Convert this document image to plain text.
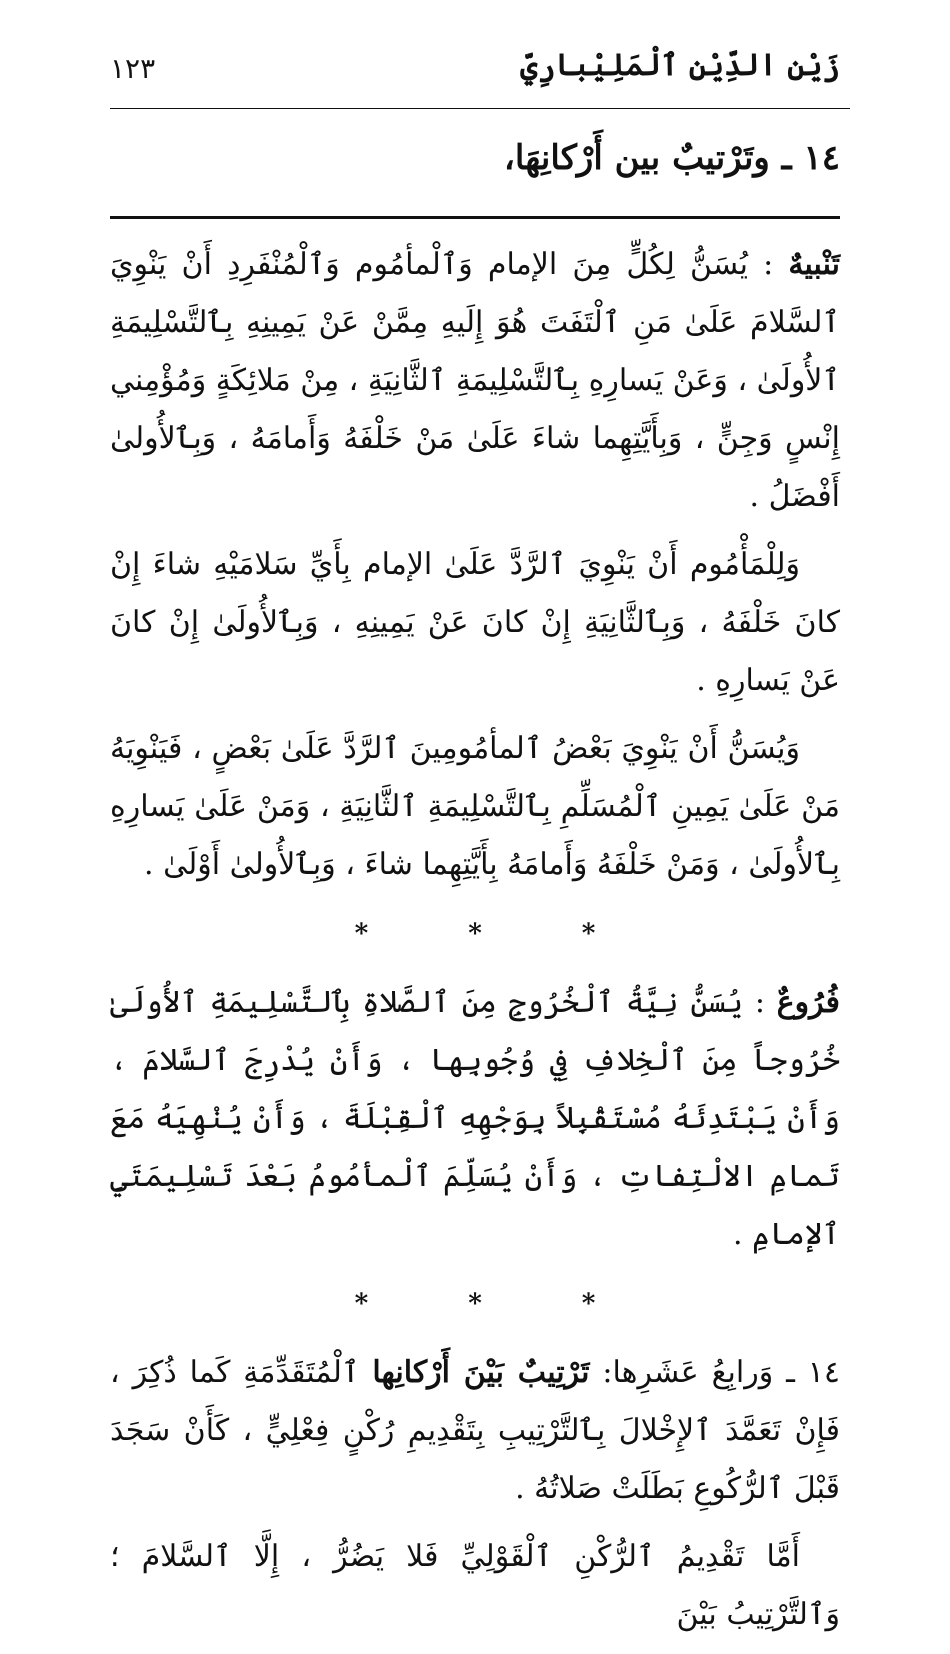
زَيْن الدِّيْن ٱلْمَلِيْبارِيّ
١٢٣
١٤ ـ وتَرْتيبٌ بين أَرْكانِهَا،

تَنْبيهٌ : يُسَنُّ لِكُلٍّ مِنَ الإمام وَٱلْمأمُوم وَٱلْمُنْفَرِدِ أَنْ يَنْوِيَ ٱلسَّلامَ عَلَىٰ مَنِ ٱلْتَفَتَ هُوَ إِلَيهِ مِمَّنْ عَنْ يَمِينِهِ بِٱلتَّسْلِيمَةِ ٱلأُولَىٰ ، وَعَنْ يَسارِهِ بِٱلتَّسْلِيمَةِ ٱلثَّانِيَةِ ، مِنْ مَلائِكَةٍ وَمُؤْمِني إِنْسٍ وَجِنٍّ ، وَبِأَيَّتِهِما شاءَ عَلَىٰ مَنْ خَلْفَهُ وَأَمامَهُ ، وَبِٱلأُولىٰ أَفْضَلُ .

وَلِلْمَأْمُوم أَنْ يَنْوِيَ ٱلرَّدَّ عَلَىٰ الإمام بِأَيِّ سَلامَيْهِ شاءَ إِنْ كانَ خَلْفَهُ ، وَبِٱلثَّانِيَةِ إِنْ كانَ عَنْ يَمِينِهِ ، وَبِٱلأُولَىٰ إِنْ كانَ عَنْ يَسارِهِ .

وَيُسَنُّ أَنْ يَنْوِيَ بَعْضُ ٱلمأمُومِينَ ٱلرَّدَّ عَلَىٰ بَعْضٍ ، فَيَنْوِيَهُ مَنْ عَلَىٰ يَمِينِ ٱلْمُسَلِّمِ بِٱلتَّسْلِيمَةِ ٱلثَّانِيَةِ ، وَمَنْ عَلَىٰ يَسارِهِ بِٱلأُولَىٰ ، وَمَنْ خَلْفَهُ وَأَمامَهُ بِأَيَّتِهِما شاءَ ، وَبِٱلأُولىٰ أَوْلَىٰ .

*	*	*

فُرُوعٌ : يُسَنُّ نِيَّةُ ٱلْخُرُوجِ مِنَ ٱلصَّلاةِ بِٱلتَّسْلِيمَةِ ٱلأُولَىٰ خُرُوجاً مِنَ ٱلْخِلافِ فِي وُجُوبِها ، وَأَنْ يُدْرِجَ ٱلسَّلامَ ، وَأَنْ يَبْتَدِئَهُ مُسْتَقْبِلاً بِوَجْهِهِ ٱلْقِبْلَةَ ، وَأَنْ يُنْهِيَهُ مَعَ تَمامِ الالْتِفاتِ ، وَأَنْ يُسَلِّمَ ٱلْمأمُومُ بَعْدَ تَسْلِيمَتَيِ ٱلإمامِ .

*	*	*

١٤ ـ وَرابِعُ عَشَرِها: تَرْتِيبٌ بَيْنَ أَرْكانِها ٱلْمُتَقَدِّمَةِ كَما ذُكِرَ ، فَإِنْ تَعَمَّدَ ٱلإِخْلالَ بِٱلتَّرْتِيبِ بِتَقْدِيمِ رُكْنٍ فِعْلِيٍّ ، كَأَنْ سَجَدَ قَبْلَ ٱلرُّكُوعِ بَطَلَتْ صَلاتُهُ .

أَمَّا تَقْدِيمُ ٱلرُّكْنِ ٱلْقَوْلِيِّ فَلا يَضُرُّ ، إِلَّا ٱلسَّلامَ ؛ وَٱلتَّرْتِيبُ بَيْنَ
